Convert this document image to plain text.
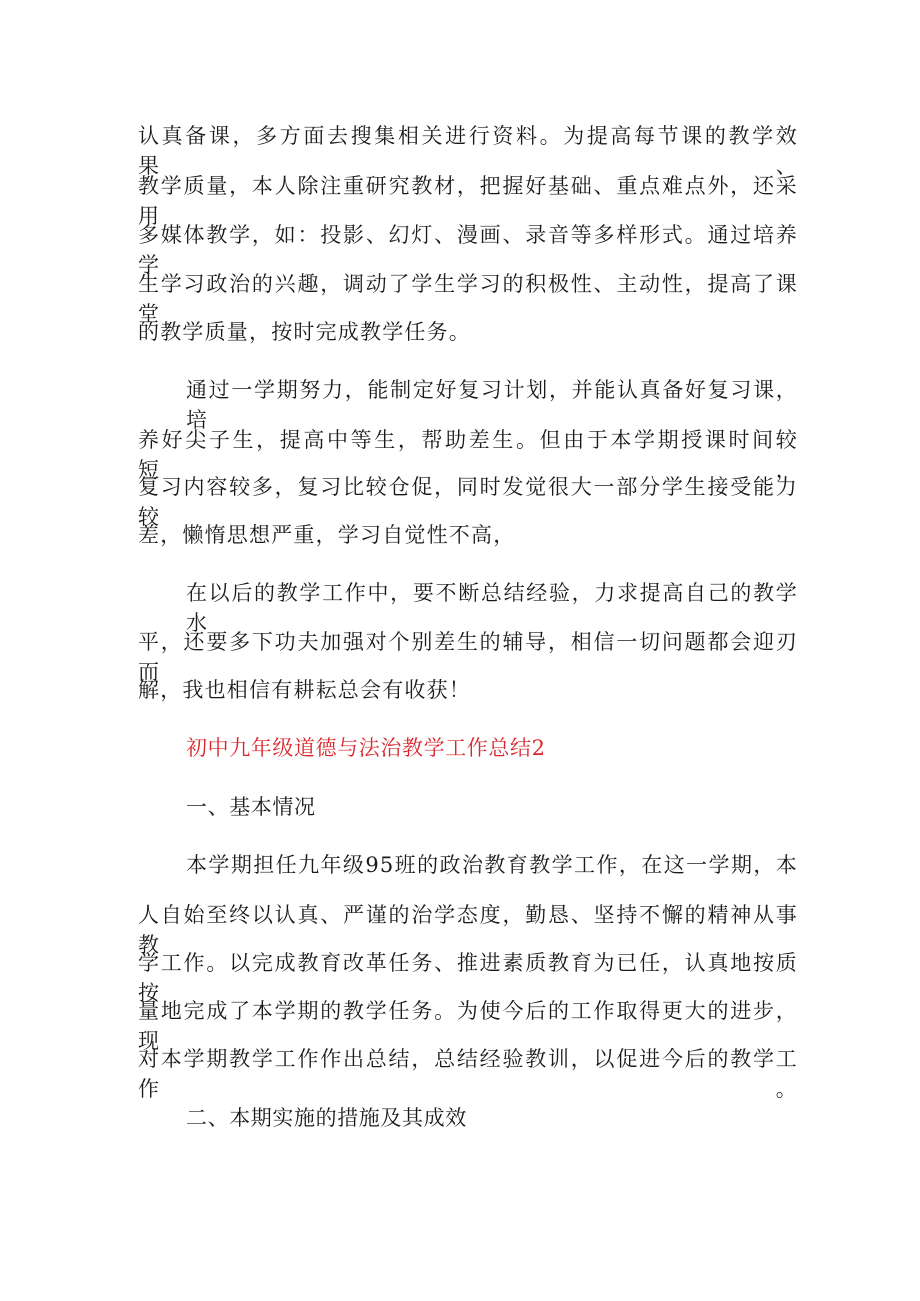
认真备课，多方面去搜集相关进行资料。为提高每节课的教学效果、
教学质量，本人除注重研究教材，把握好基础、重点难点外，还采用
多媒体教学，如：投影、幻灯、漫画、录音等多样形式。通过培养学
生学习政治的兴趣，调动了学生学习的积极性、主动性，提高了课堂
的教学质量，按时完成教学任务。
通过一学期努力，能制定好复习计划，并能认真备好复习课，培
养好尖子生，提高中等生，帮助差生。但由于本学期授课时间较短，
复习内容较多，复习比较仓促，同时发觉很大一部分学生接受能力较
差，懒惰思想严重，学习自觉性不高，
在以后的教学工作中，要不断总结经验，力求提高自己的教学水
平，还要多下功夫加强对个别差生的辅导，相信一切问题都会迎刃而
解，我也相信有耕耘总会有收获！
初中九年级道德与法治教学工作总结2
一、基本情况
本学期担任九年级95班的政治教育教学工作，在这一学期，本
人自始至终以认真、严谨的治学态度，勤恳、坚持不懈的精神从事教
学工作。以完成教育改革任务、推进素质教育为已任，认真地按质按
量地完成了本学期的教学任务。为使今后的工作取得更大的进步，现
对本学期教学工作作出总结，总结经验教训，以促进今后的教学工作。
二、本期实施的措施及其成效
